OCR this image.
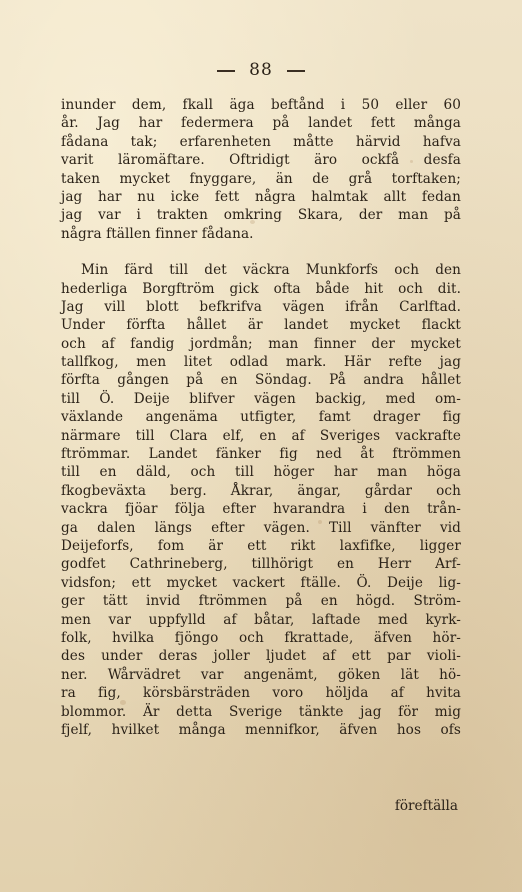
88
inunder dem, fkall äga beftånd i 50 eller 60
år. Jag har federmera på landet fett många
fådana tak; erfarenheten måtte härvid hafva
varit läromäftare. Oftridigt äro ockfå desfa
taken mycket fnyggare, än de grå torftaken;
jag har nu icke fett några halmtak allt fedan
jag var i trakten omkring Skara, der man på
några ftällen finner fådana.
Min färd till det väckra Munkforfs och den
hederliga Borgftröm gick ofta både hit och dit.
Jag vill blott befkrifva vägen ifrån Carlftad.
Under förfta hållet är landet mycket flackt
och af fandig jordmån; man finner der mycket
tallfkog, men litet odlad mark. Här refte jag
förfta gången på en Söndag. På andra hållet
till Ö. Deije blifver vägen backig, med om-
växlande angenäma utfigter, famt drager fig
närmare till Clara elf, en af Sveriges vackrafte
ftrömmar. Landet fänker fig ned åt ftrömmen
till en däld, och till höger har man höga
fkogbeväxta berg. Åkrar, ängar, gårdar och
vackra fjöar följa efter hvarandra i den trån-
ga dalen längs efter vägen. Till vänfter vid
Deijeforfs, fom är ett rikt laxfifke, ligger
godfet Cathrineberg, tillhörigt en Herr Arf-
vidsfon; ett mycket vackert ftälle. Ö. Deije lig-
ger tätt invid ftrömmen på en högd. Ström-
men var uppfylld af båtar, laftade med kyrk-
folk, hvilka fjöngo och fkrattade, äfven hör-
des under deras joller ljudet af ett par violi-
ner. Wårvädret var angenämt, göken lät hö-
ra fig, körsbärsträden voro höljda af hvita
blommor. Är detta Sverige tänkte jag för mig
fjelf, hvilket många mennifkor, äfven hos ofs
föreftälla
